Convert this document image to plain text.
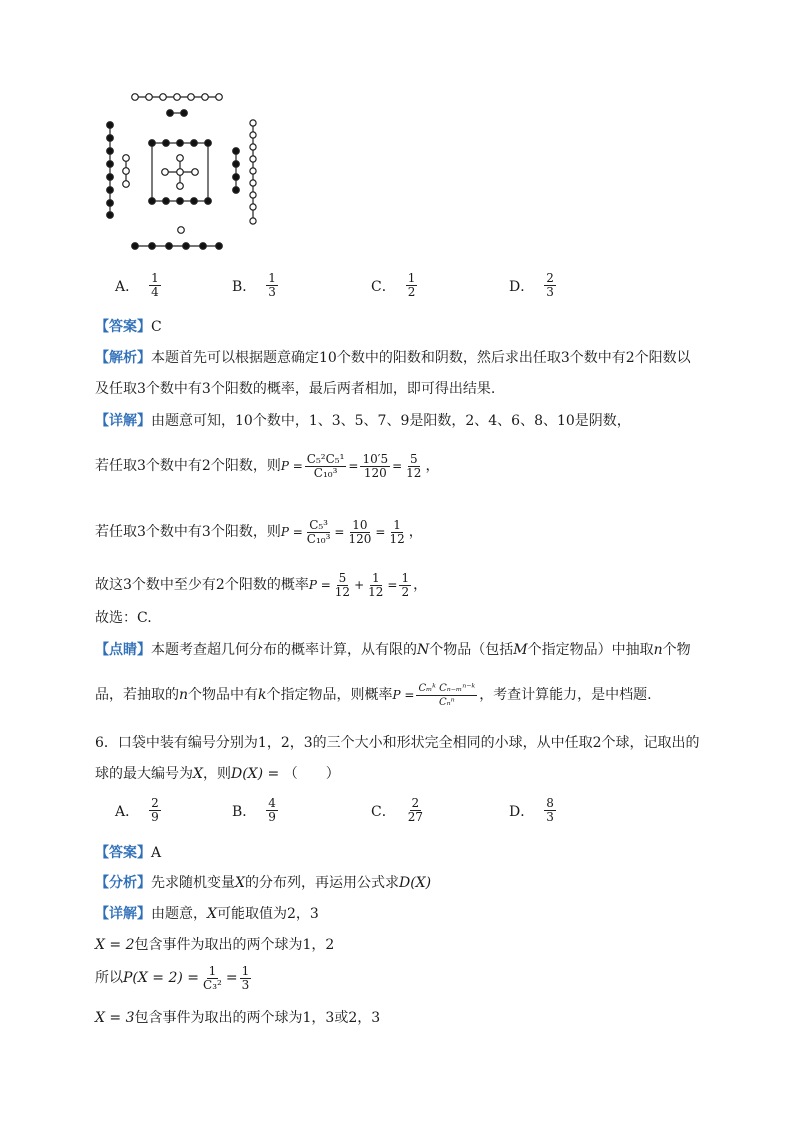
A． $\frac{1}{4}$	B． $\frac{1}{3}$	C． $\frac{1}{2}$	D． $\frac{2}{3}$
【答案】C
【解析】本题首先可以根据题意确定10个数中的阳数和阴数，然后求出任取3个数中有2个阳数以
及任取3个数中有3个阳数的概率，最后两者相加，即可得出结果.
【详解】由题意可知，10个数中，1、3、5、7、9是阳数，2、4、6、8、10是阴数，
若任取3个数中有2个阳数，则 $P = \frac{\text{C₅²C₅¹}}{\text{C₁₀³}} = \frac{10'5}{120} = \frac{5}{12}$ ，
若任取3个数中有3个阳数，则 $P = \frac{\text{C₅³}}{\text{C₁₀³}} = \frac{10}{120} = \frac{1}{12}$ ，
故这3个数中至少有2个阳数的概率 $P = \frac{5}{12} + \frac{1}{12} = \frac{1}{2}$ ，
故选：C.
【点睛】本题考查超几何分布的概率计算，从有限的N个物品（包括M个指定物品）中抽取n个物
品，若抽取的 n 个物品中有 k 个指定物品，则概率 $P = \frac{\text{Cₘᵏ Cₙ₋ₘⁿ⁻ᵏ}}{\text{Cₙⁿ}}$ ，考查计算能力，是中档题.
6．口袋中装有编号分别为1，2，3的三个大小和形状完全相同的小球，从中任取2个球，记取出的
球的最大编号为X，则D(X) = （　　）
A． $\frac{2}{9}$	B． $\frac{4}{9}$	C． $\frac{2}{27}$	D． $\frac{8}{3}$
【答案】A
【分析】先求随机变量X的分布列，再运用公式求D(X)
【详解】由题意，X可能取值为2，3
X = 2包含事件为取出的两个球为1，2
所以 $P(X = 2) = \frac{1}{\text{C₃²}} = \frac{1}{3}$
X = 3包含事件为取出的两个球为1，3或2，3
